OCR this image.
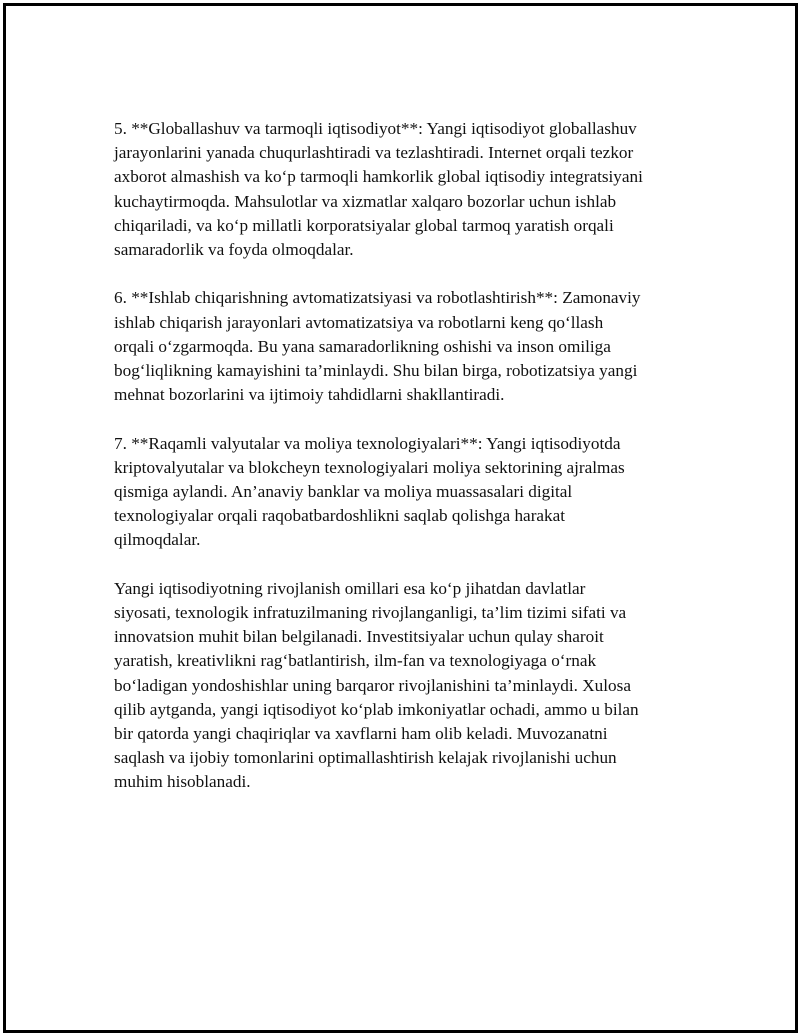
5. **Globallashuv va tarmoqli iqtisodiyot**: Yangi iqtisodiyot globallashuv
jarayonlarini yanada chuqurlashtiradi va tezlashtiradi. Internet orqali tezkor
axborot almashish va ko‘p tarmoqli hamkorlik global iqtisodiy integratsiyani
kuchaytirmoqda. Mahsulotlar va xizmatlar xalqaro bozorlar uchun ishlab
chiqariladi, va ko‘p millatli korporatsiyalar global tarmoq yaratish orqali
samaradorlik va foyda olmoqdalar.

6. **Ishlab chiqarishning avtomatizatsiyasi va robotlashtirish**: Zamonaviy
ishlab chiqarish jarayonlari avtomatizatsiya va robotlarni keng qo‘llash
orqali o‘zgarmoqda. Bu yana samaradorlikning oshishi va inson omiliga
bog‘liqlikning kamayishini ta’minlaydi. Shu bilan birga, robotizatsiya yangi
mehnat bozorlarini va ijtimoiy tahdidlarni shakllantiradi.

7. **Raqamli valyutalar va moliya texnologiyalari**: Yangi iqtisodiyotda
kriptovalyutalar va blokcheyn texnologiyalari moliya sektorining ajralmas
qismiga aylandi. An’anaviy banklar va moliya muassasalari digital
texnologiyalar orqali raqobatbardoshlikni saqlab qolishga harakat
qilmoqdalar.

Yangi iqtisodiyotning rivojlanish omillari esa ko‘p jihatdan davlatlar
siyosati, texnologik infratuzilmaning rivojlanganligi, ta’lim tizimi sifati va
innovatsion muhit bilan belgilanadi. Investitsiyalar uchun qulay sharoit
yaratish, kreativlikni rag‘batlantirish, ilm-fan va texnologiyaga o‘rnak
bo‘ladigan yondoshishlar uning barqaror rivojlanishini ta’minlaydi. Xulosa
qilib aytganda, yangi iqtisodiyot ko‘plab imkoniyatlar ochadi, ammo u bilan
bir qatorda yangi chaqiriqlar va xavflarni ham olib keladi. Muvozanatni
saqlash va ijobiy tomonlarini optimallashtirish kelajak rivojlanishi uchun
muhim hisoblanadi.
